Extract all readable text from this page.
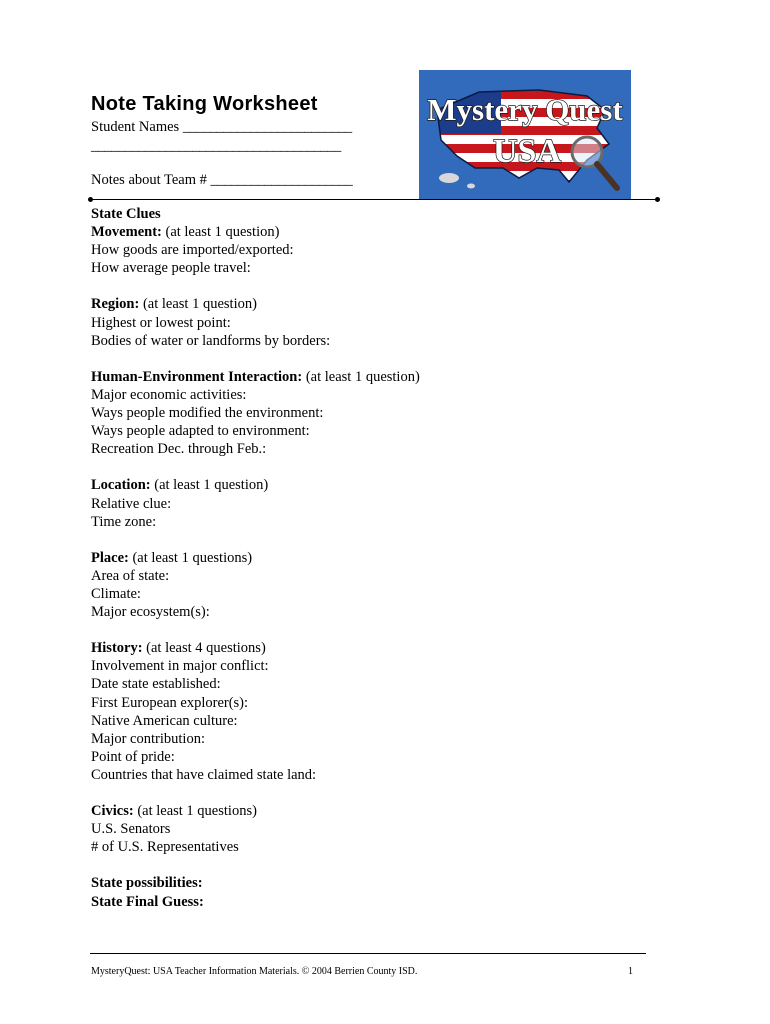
Note Taking Worksheet
Student Names _________________________
_____________________________________
Notes about Team # _____________________
Mystery Quest
USA
State Clues
Movement: (at least 1 question)
How goods are imported/exported:
How average people travel:
Region: (at least 1 question)
Highest or lowest point:
Bodies of water or landforms by borders:
Human-Environment Interaction: (at least 1 question)
Major economic activities:
Ways people modified the environment:
Ways people adapted to environment:
Recreation Dec. through Feb.:
Location: (at least 1 question)
Relative clue:
Time zone:
Place: (at least 1 questions)
Area of state:
Climate:
Major ecosystem(s):
History: (at least 4 questions)
Involvement in major conflict:
Date state established:
First European explorer(s):
Native American culture:
Major contribution:
Point of pride:
Countries that have claimed state land:
Civics: (at least 1 questions)
U.S. Senators
# of U.S. Representatives
State possibilities:
State Final Guess:
MysteryQuest: USA Teacher Information Materials. © 2004 Berrien County ISD.	1
